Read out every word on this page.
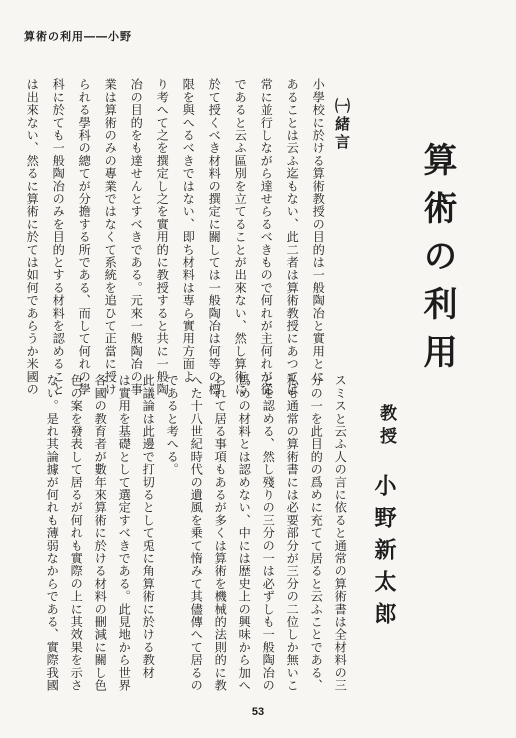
算術の利用――小野
算術の利用
教授
小野新太郎
㈠緒言
小學校に於ける算術教授の目的は一般陶冶と實用とに
あることは云ふ迄もない、此二者は算術教授にあつては
常に並行しながら達せらるべきもので何れが主何れが從
であると云ふ區別を立てることが出來ない、然し算術に
於て授くべき材料の撰定に關しては一般陶冶は何等の標
限を與へるべきではない、即ち材料は専ら實用方面よ
り考へて之を撰定し之を實用的に教授すると共に一般陶
冶の目的をも達せんとすべきである。元來一般陶冶の事
業は算術のみの專業ではなくて系統を追ひて正當に授け
られる學科の總てが分擔する所である、而して何れの學
科に於ても一般陶冶のみを目的とする材料を認めること
は出來ない、然るに算術に於ては如何であらうか米國の
スミスと云ふ人の言に依ると通常の算術書は全材料の三
分の一を此目的の爲めに充てて居ると云ふことである、
私も通常の算術書には必要部分が三分の二位しか無いこ
とを認める、然し殘りの三分の一は必ずしも一般陶冶の
爲めの材料とは認めない、中には歴史上の興味から加へ
られて居る事項もあるが多くは算術を機械的法則的に教
へた十八世紀時代の遺風を乗て惰みて其儘傳へて居るの
であると考へる。
此議論は此邊で打切るとして兎に角算術に於ける教材
は實用を基礎として選定すべきである。此見地から世界
各國の教育者が數年來算術に於ける材料の刪減に關し色
色の案を發表して居るが何れも實際の上に其效果を示さ
ない。是れ其論據が何れも薄弱なからである、實際我國
53
